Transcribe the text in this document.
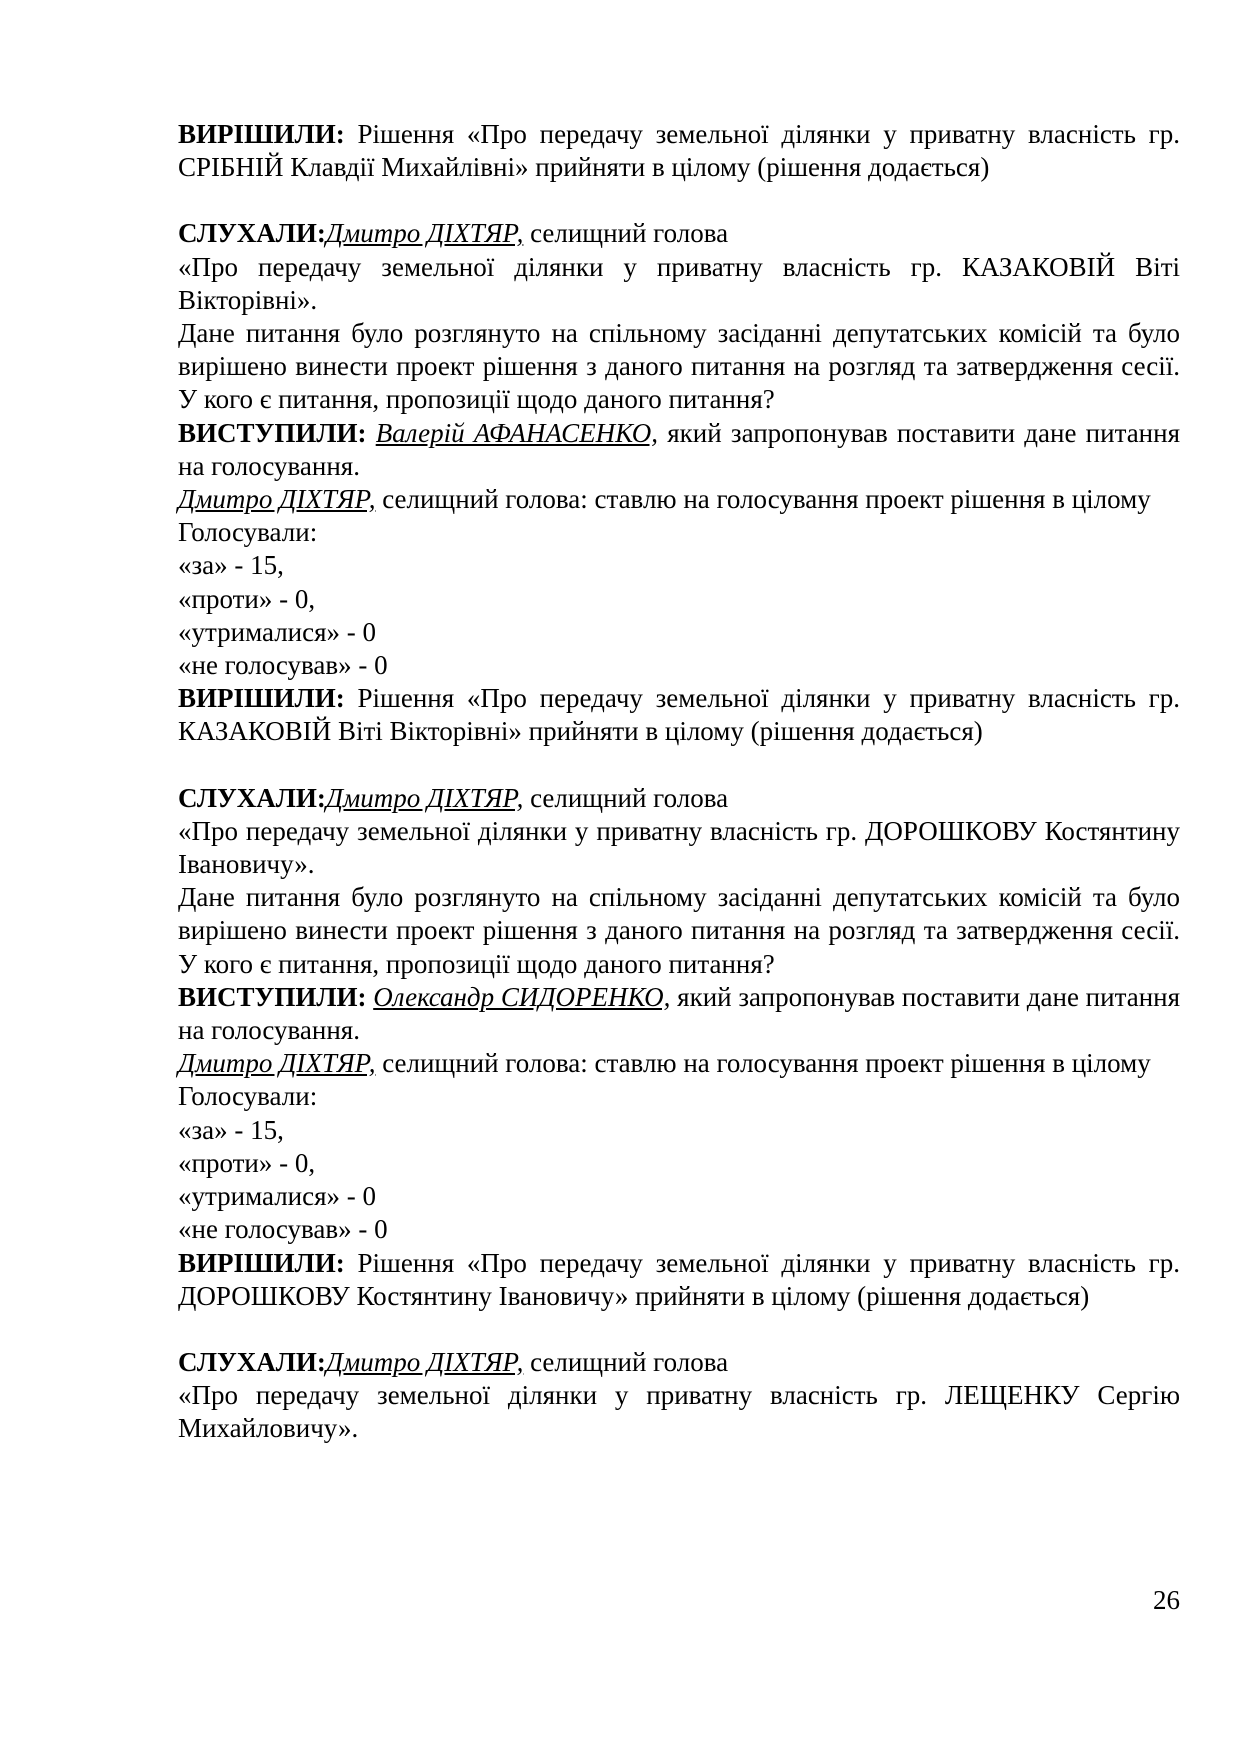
ВИРІШИЛИ: Рішення «Про передачу земельної ділянки у приватну власність гр. СРІБНІЙ Клавдії Михайлівні» прийняти в цілому (рішення додається)

СЛУХАЛИ:Дмитро ДІХТЯР, селищний голова

«Про передачу земельної ділянки у приватну власність гр. КАЗАКОВІЙ Віті Вікторівні».

Дане питання було розглянуто на спільному засіданні депутатських комісій та було вирішено винести проект рішення з даного питання на розгляд та затвердження сесії. У кого є питання, пропозиції щодо даного питання?

ВИСТУПИЛИ: Валерій АФАНАСЕНКО, який запропонував поставити дане питання на голосування.

Дмитро ДІХТЯР, селищний голова: ставлю на голосування проект рішення в цілому

Голосували:

«за» - 15,

«проти» - 0,

«утрималися» - 0

«не голосував» - 0

ВИРІШИЛИ: Рішення «Про передачу земельної ділянки у приватну власність гр. КАЗАКОВІЙ Віті Вікторівні» прийняти в цілому (рішення додається)

СЛУХАЛИ:Дмитро ДІХТЯР, селищний голова

«Про передачу земельної ділянки у приватну власність гр. ДОРОШКОВУ Костянтину Івановичу».

Дане питання було розглянуто на спільному засіданні депутатських комісій та було вирішено винести проект рішення з даного питання на розгляд та затвердження сесії. У кого є питання, пропозиції щодо даного питання?

ВИСТУПИЛИ: Олександр СИДОРЕНКО, який запропонував поставити дане питання на голосування.

Дмитро ДІХТЯР, селищний голова: ставлю на голосування проект рішення в цілому

Голосували:

«за» - 15,

«проти» - 0,

«утрималися» - 0

«не голосував» - 0

ВИРІШИЛИ: Рішення «Про передачу земельної ділянки у приватну власність гр. ДОРОШКОВУ Костянтину Івановичу» прийняти в цілому (рішення додається)

СЛУХАЛИ:Дмитро ДІХТЯР, селищний голова

«Про передачу земельної ділянки у приватну власність гр. ЛЕЩЕНКУ Сергію Михайловичу».

26
